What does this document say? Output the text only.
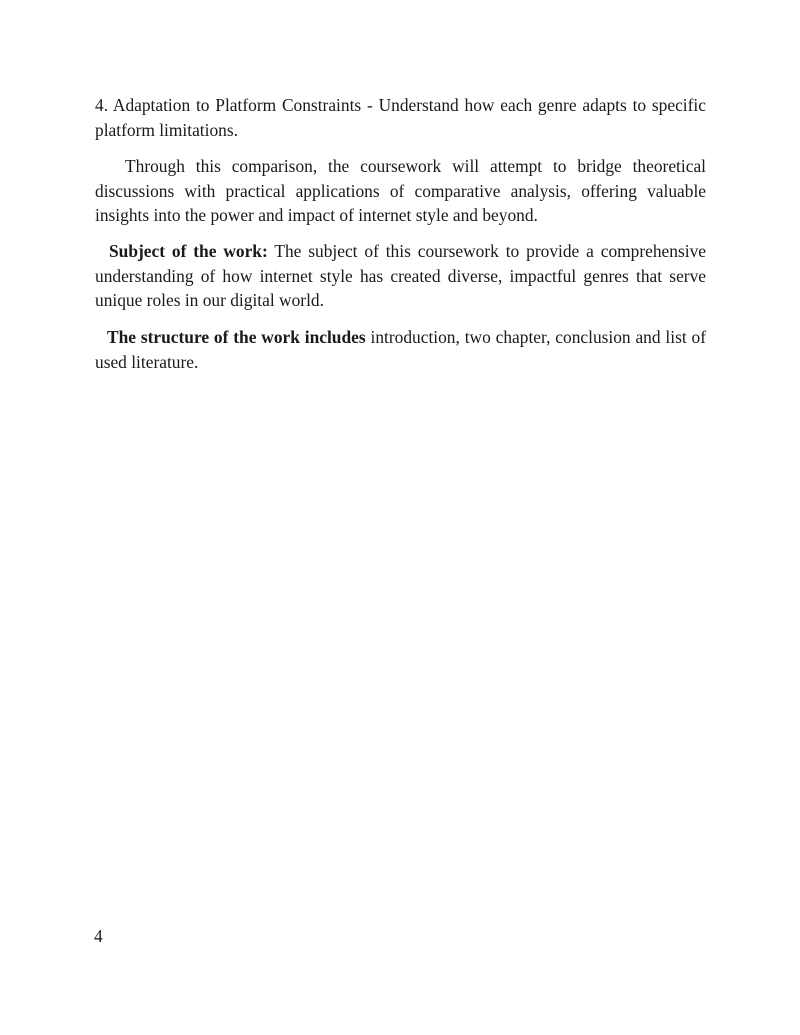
4. Adaptation to Platform Constraints - Understand how each genre adapts to specific platform limitations.

Through this comparison, the coursework will attempt to bridge theoretical discussions with practical applications of comparative analysis, offering valuable insights into the power and impact of internet style and beyond.

Subject of the work: The subject of this coursework to provide a comprehensive understanding of how internet style has created diverse, impactful genres that serve unique roles in our digital world.

The structure of the work includes introduction, two chapter, conclusion and list of used literature.

4
